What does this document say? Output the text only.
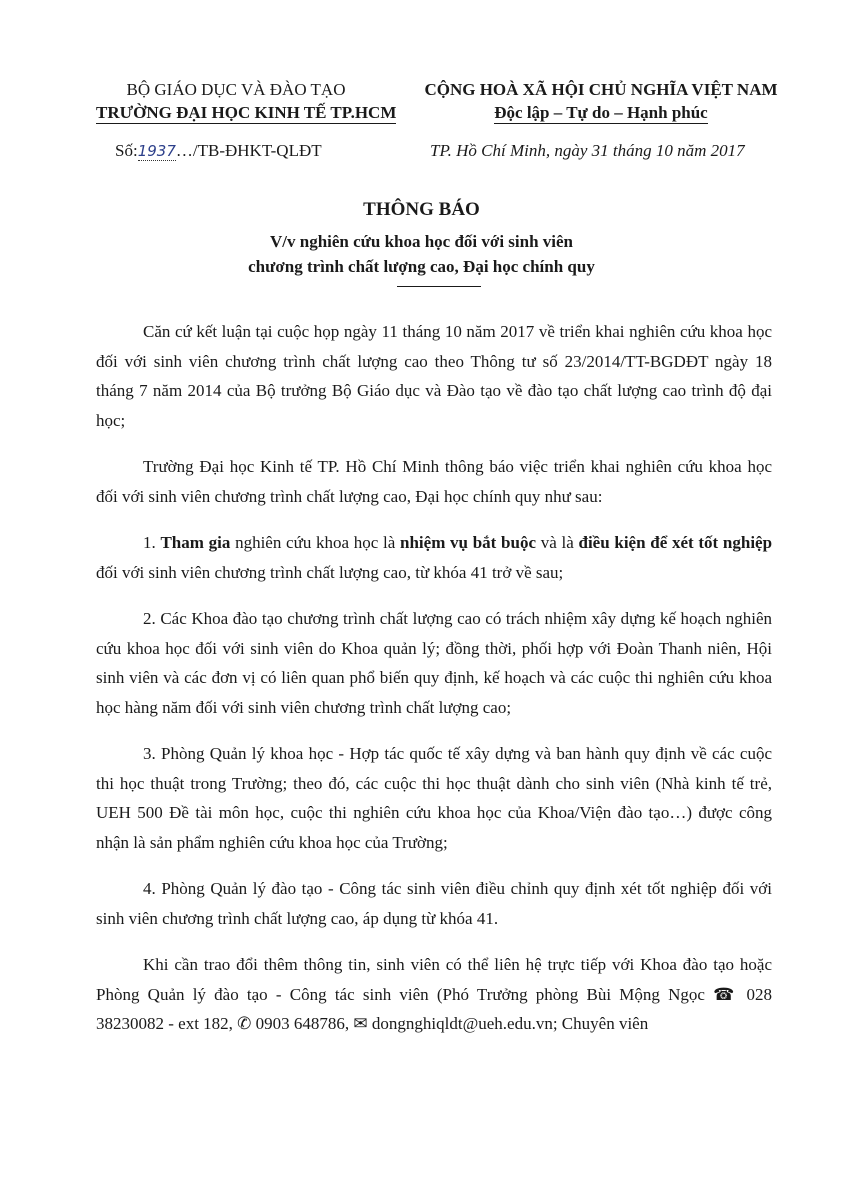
BỘ GIÁO DỤC VÀ ĐÀO TẠO
TRƯỜNG ĐẠI HỌC KINH TẾ TP.HCM
CỘNG HOÀ XÃ HỘI CHỦ NGHĨA VIỆT NAM
Độc lập – Tự do – Hạnh phúc
Số:1937…/TB-ĐHKT-QLĐT	TP. Hồ Chí Minh, ngày 31 tháng 10 năm 2017
THÔNG BÁO
V/v nghiên cứu khoa học đối với sinh viên
chương trình chất lượng cao, Đại học chính quy

Căn cứ kết luận tại cuộc họp ngày 11 tháng 10 năm 2017 về triển khai nghiên cứu khoa học đối với sinh viên chương trình chất lượng cao theo Thông tư số 23/2014/TT-BGDĐT ngày 18 tháng 7 năm 2014 của Bộ trưởng Bộ Giáo dục và Đào tạo về đào tạo chất lượng cao trình độ đại học;

Trường Đại học Kinh tế TP. Hồ Chí Minh thông báo việc triển khai nghiên cứu khoa học đối với sinh viên chương trình chất lượng cao, Đại học chính quy như sau:

1. Tham gia nghiên cứu khoa học là nhiệm vụ bắt buộc và là điều kiện để xét tốt nghiệp đối với sinh viên chương trình chất lượng cao, từ khóa 41 trở về sau;

2. Các Khoa đào tạo chương trình chất lượng cao có trách nhiệm xây dựng kế hoạch nghiên cứu khoa học đối với sinh viên do Khoa quản lý; đồng thời, phối hợp với Đoàn Thanh niên, Hội sinh viên và các đơn vị có liên quan phổ biến quy định, kế hoạch và các cuộc thi nghiên cứu khoa học hàng năm đối với sinh viên chương trình chất lượng cao;

3. Phòng Quản lý khoa học - Hợp tác quốc tế xây dựng và ban hành quy định về các cuộc thi học thuật trong Trường; theo đó, các cuộc thi học thuật dành cho sinh viên (Nhà kinh tế trẻ, UEH 500 Đề tài môn học, cuộc thi nghiên cứu khoa học của Khoa/Viện đào tạo…) được công nhận là sản phẩm nghiên cứu khoa học của Trường;

4. Phòng Quản lý đào tạo - Công tác sinh viên điều chỉnh quy định xét tốt nghiệp đối với sinh viên chương trình chất lượng cao, áp dụng từ khóa 41.

Khi cần trao đổi thêm thông tin, sinh viên có thể liên hệ trực tiếp với Khoa đào tạo hoặc Phòng Quản lý đào tạo - Công tác sinh viên (Phó Trưởng phòng Bùi Mộng Ngọc ☎ 028 38230082 - ext 182, ✆ 0903 648786, ✉ dongnghiqldt@ueh.edu.vn; Chuyên viên
